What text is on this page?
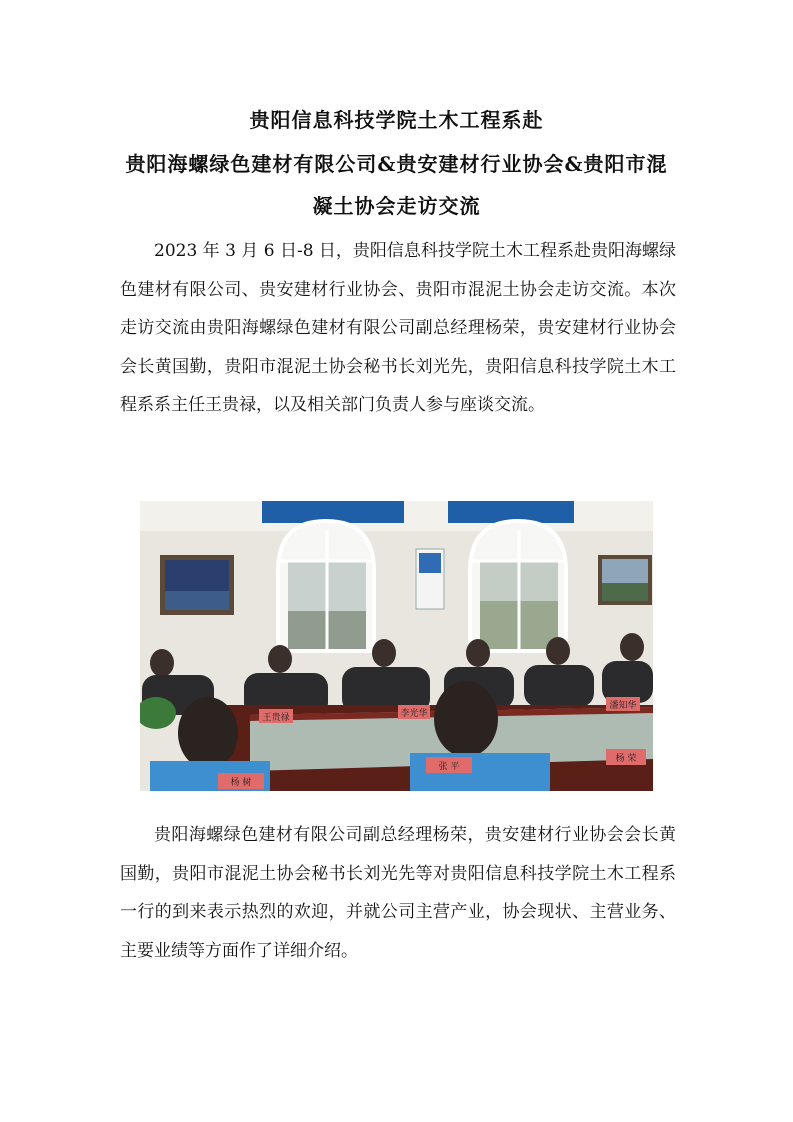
贵阳信息科技学院土木工程系赴
贵阳海螺绿色建材有限公司&贵安建材行业协会&贵阳市混
凝土协会走访交流

2023 年 3 月 6 日-8 日，贵阳信息科技学院土木工程系赴贵阳海螺绿色建材有限公司、贵安建材行业协会、贵阳市混泥土协会走访交流。本次走访交流由贵阳海螺绿色建材有限公司副总经理杨荣，贵安建材行业协会会长黄国勤，贵阳市混泥土协会秘书长刘光先，贵阳信息科技学院土木工程系系主任王贵禄，以及相关部门负责人参与座谈交流。

王贵禄	李光华
潘知华
张 平
杨 荣
杨 树

贵阳海螺绿色建材有限公司副总经理杨荣，贵安建材行业协会会长黄国勤，贵阳市混泥土协会秘书长刘光先等对贵阳信息科技学院土木工程系一行的到来表示热烈的欢迎，并就公司主营产业，协会现状、主营业务、主要业绩等方面作了详细介绍。
